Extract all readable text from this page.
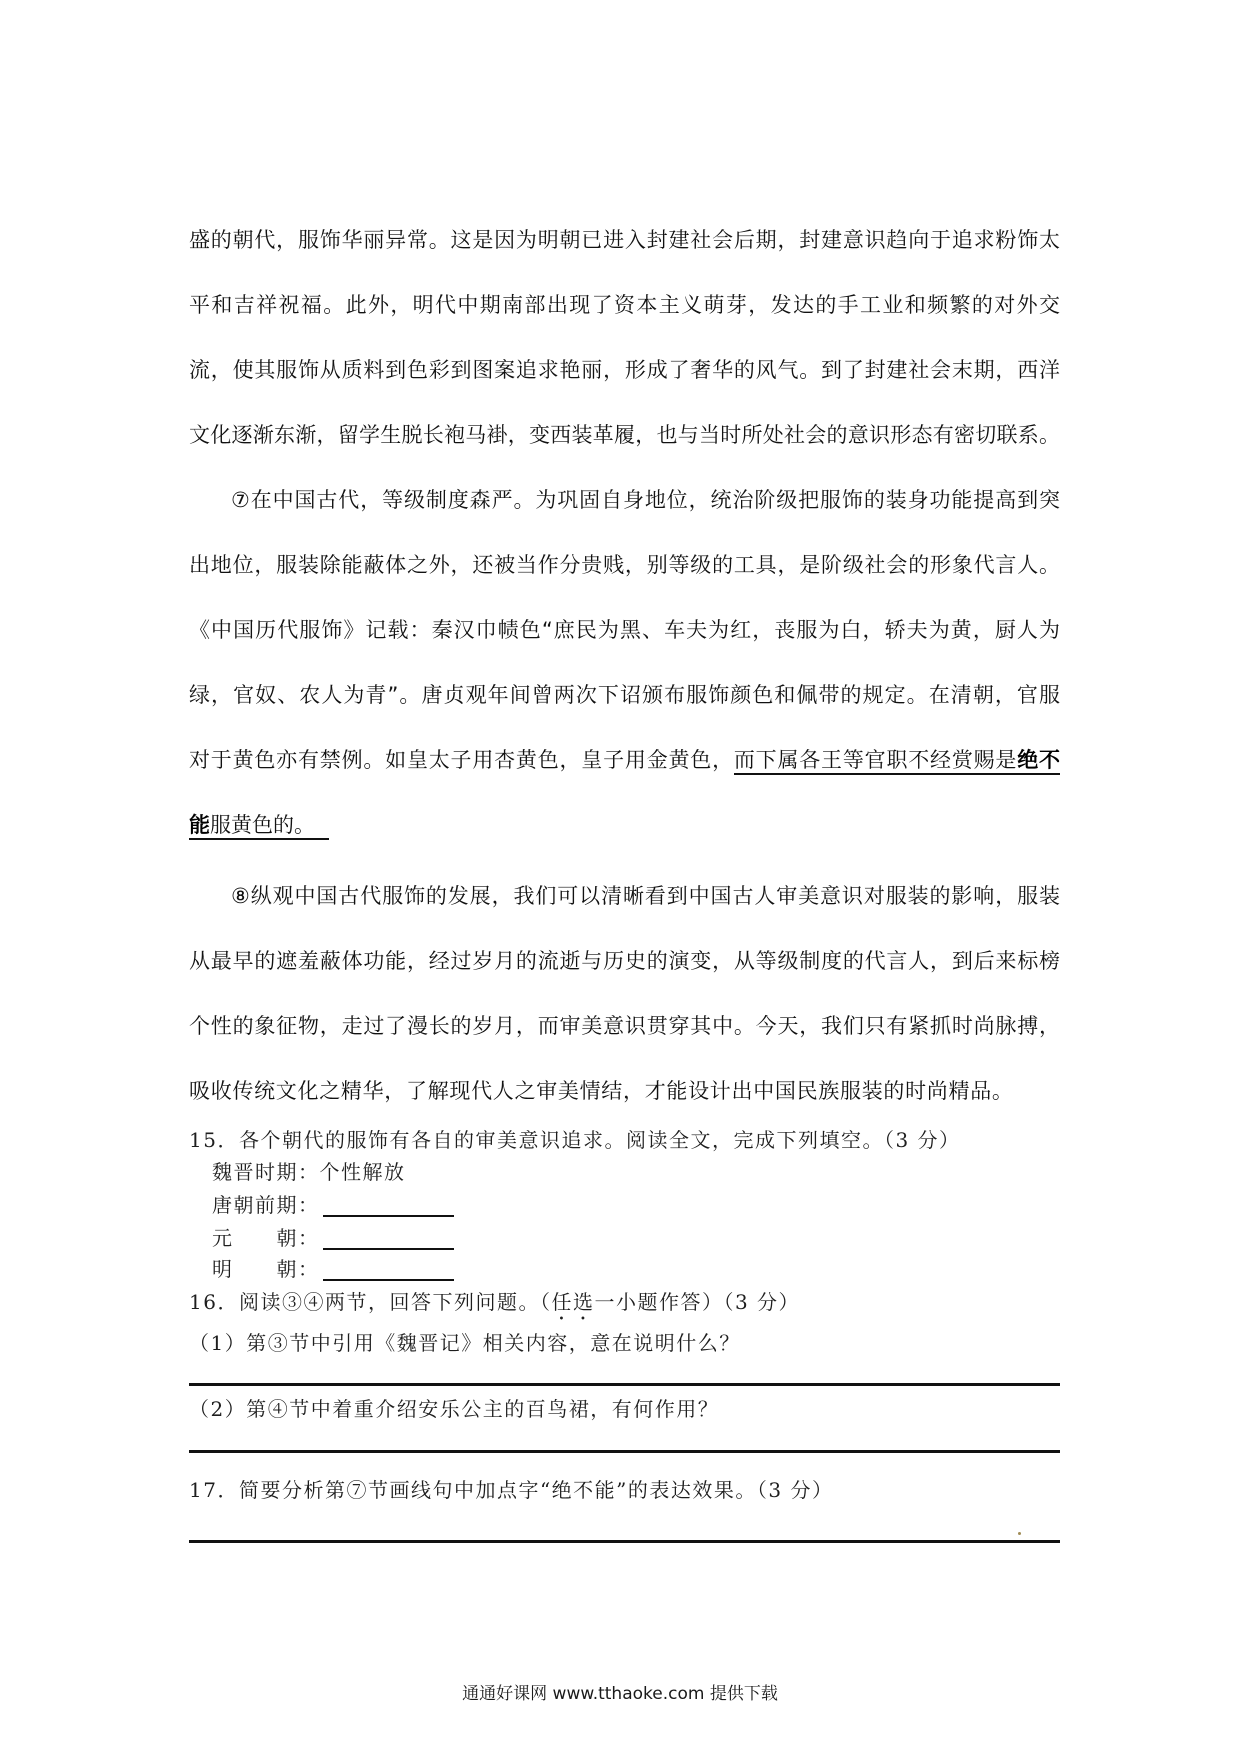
盛的朝代，服饰华丽异常。这是因为明朝已进入封建社会后期，封建意识趋向于追求粉饰太
平和吉祥祝福。此外，明代中期南部出现了资本主义萌芽，发达的手工业和频繁的对外交
流，使其服饰从质料到色彩到图案追求艳丽，形成了奢华的风气。到了封建社会末期，西洋
文化逐渐东渐，留学生脱长袍马褂，变西装革履，也与当时所处社会的意识形态有密切联系。
⑦在中国古代，等级制度森严。为巩固自身地位，统治阶级把服饰的装身功能提高到突
出地位，服装除能蔽体之外，还被当作分贵贱，别等级的工具，是阶级社会的形象代言人。
《中国历代服饰》记载：秦汉巾帻色“庶民为黑、车夫为红，丧服为白，轿夫为黄，厨人为
绿，官奴、农人为青”。唐贞观年间曾两次下诏颁布服饰颜色和佩带的规定。在清朝，官服
对于黄色亦有禁例。如皇太子用杏黄色，皇子用金黄色，而下属各王等官职不经赏赐是绝不
能服黄色的。
⑧纵观中国古代服饰的发展，我们可以清晰看到中国古人审美意识对服装的影响，服装
从最早的遮羞蔽体功能，经过岁月的流逝与历史的演变，从等级制度的代言人，到后来标榜
个性的象征物，走过了漫长的岁月，而审美意识贯穿其中。今天，我们只有紧抓时尚脉搏，
吸收传统文化之精华，了解现代人之审美情结，才能设计出中国民族服装的时尚精品。
15．各个朝代的服饰有各自的审美意识追求。阅读全文，完成下列填空。（3 分）
魏晋时期：个性解放
唐朝前期：
元　　朝：
明　　朝：
16．阅读③④两节，回答下列问题。（任选一小题作答）（3 分）
（1）第③节中引用《魏晋记》相关内容，意在说明什么？
（2）第④节中着重介绍安乐公主的百鸟裙，有何作用？
17．简要分析第⑦节画线句中加点字“绝不能”的表达效果。（3 分）
通通好课网 www.tthaoke.com 提供下载
